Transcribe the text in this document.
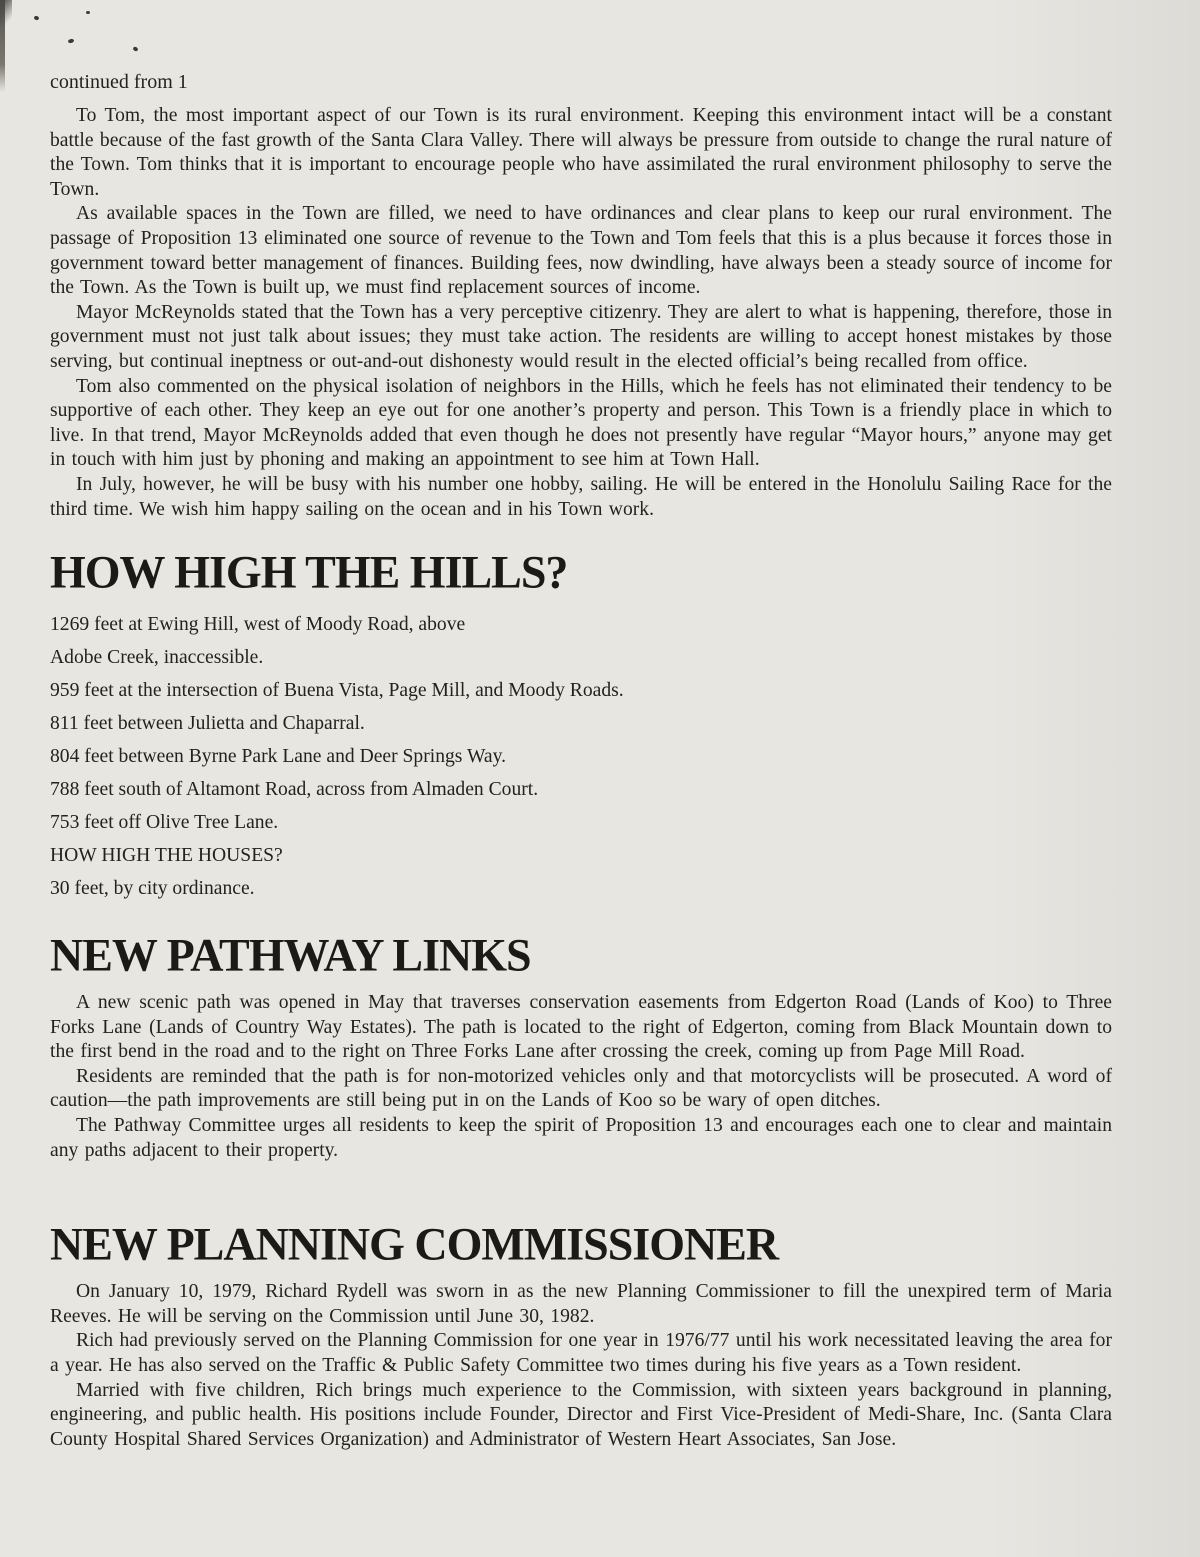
continued from 1

To Tom, the most important aspect of our Town is its rural environment. Keeping this environment intact will be a constant battle because of the fast growth of the Santa Clara Valley. There will always be pressure from outside to change the rural nature of the Town. Tom thinks that it is important to encourage people who have assimilated the rural environment philosophy to serve the Town.

As available spaces in the Town are filled, we need to have ordinances and clear plans to keep our rural environment. The passage of Proposition 13 eliminated one source of revenue to the Town and Tom feels that this is a plus because it forces those in government toward better management of finances. Building fees, now dwindling, have always been a steady source of income for the Town. As the Town is built up, we must find replacement sources of income.

Mayor McReynolds stated that the Town has a very perceptive citizenry. They are alert to what is happening, therefore, those in government must not just talk about issues; they must take action. The residents are willing to accept honest mistakes by those serving, but continual ineptness or out-and-out dishonesty would result in the elected official’s being recalled from office.

Tom also commented on the physical isolation of neighbors in the Hills, which he feels has not eliminated their tendency to be supportive of each other. They keep an eye out for one another’s property and person. This Town is a friendly place in which to live. In that trend, Mayor McReynolds added that even though he does not presently have regular “Mayor hours,” anyone may get in touch with him just by phoning and making an appointment to see him at Town Hall.

In July, however, he will be busy with his number one hobby, sailing. He will be entered in the Honolulu Sailing Race for the third time. We wish him happy sailing on the ocean and in his Town work.

HOW HIGH THE HILLS?

1269 feet at Ewing Hill, west of Moody Road, above

Adobe Creek, inaccessible.

959 feet at the intersection of Buena Vista, Page Mill, and Moody Roads.

811 feet between Julietta and Chaparral.

804 feet between Byrne Park Lane and Deer Springs Way.

788 feet south of Altamont Road, across from Almaden Court.

753 feet off Olive Tree Lane.

HOW HIGH THE HOUSES?

30 feet, by city ordinance.

NEW PATHWAY LINKS

A new scenic path was opened in May that traverses conservation easements from Edgerton Road (Lands of Koo) to Three Forks Lane (Lands of Country Way Estates). The path is located to the right of Edgerton, coming from Black Mountain down to the first bend in the road and to the right on Three Forks Lane after crossing the creek, coming up from Page Mill Road.

Residents are reminded that the path is for non-motorized vehicles only and that motorcyclists will be prosecuted. A word of caution—the path improvements are still being put in on the Lands of Koo so be wary of open ditches.

The Pathway Committee urges all residents to keep the spirit of Proposition 13 and encourages each one to clear and maintain any paths adjacent to their property.

NEW PLANNING COMMISSIONER

On January 10, 1979, Richard Rydell was sworn in as the new Planning Commissioner to fill the unexpired term of Maria Reeves. He will be serving on the Commission until June 30, 1982.

Rich had previously served on the Planning Commission for one year in 1976/77 until his work necessitated leaving the area for a year. He has also served on the Traffic & Public Safety Committee two times during his five years as a Town resident.

Married with five children, Rich brings much experience to the Commission, with sixteen years background in planning, engineering, and public health. His positions include Founder, Director and First Vice-President of Medi-Share, Inc. (Santa Clara County Hospital Shared Services Organization) and Administrator of Western Heart Associates, San Jose.
